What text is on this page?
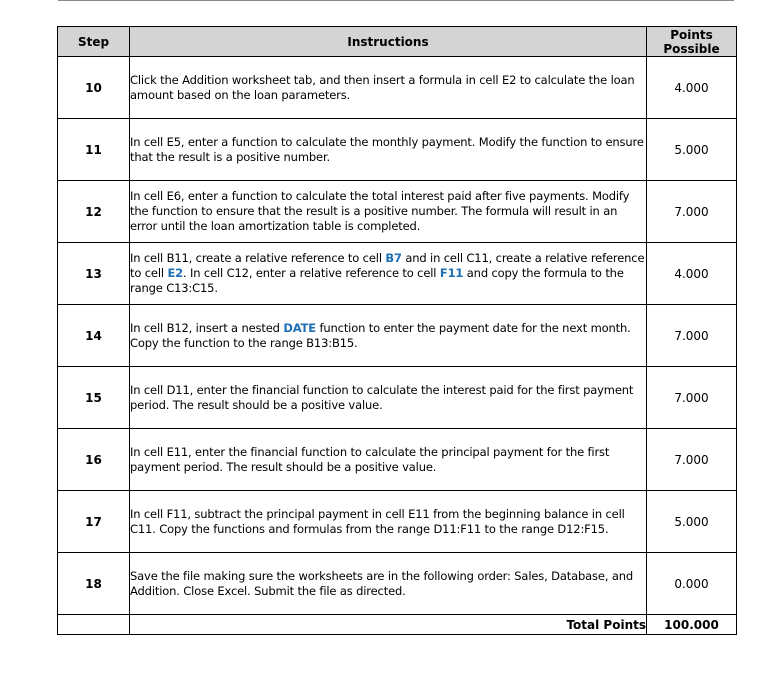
Step	Instructions	Points
Possible
10	Click the Addition worksheet tab, and then insert a formula in cell E2 to calculate the loan amount based on the loan parameters.	4.000
11	In cell E5, enter a function to calculate the monthly payment. Modify the function to ensure that the result is a positive number.	5.000
12	In cell E6, enter a function to calculate the total interest paid after five payments. Modify the function to ensure that the result is a positive number. The formula will result in an error until the loan amortization table is completed.	7.000
13	In cell B11, create a relative reference to cell B7 and in cell C11, create a relative reference to cell E2. In cell C12, enter a relative reference to cell F11 and copy the formula to the range C13:C15.	4.000
14	In cell B12, insert a nested DATE function to enter the payment date for the next month. Copy the function to the range B13:B15.	7.000
15	In cell D11, enter the financial function to calculate the interest paid for the first payment period. The result should be a positive value.	7.000
16	In cell E11, enter the financial function to calculate the principal payment for the first payment period. The result should be a positive value.	7.000
17	In cell F11, subtract the principal payment in cell E11 from the beginning balance in cell C11. Copy the functions and formulas from the range D11:F11 to the range D12:F15.	5.000
18	Save the file making sure the worksheets are in the following order: Sales, Database, and Addition. Close Excel. Submit the file as directed.	0.000
	Total Points	100.000
